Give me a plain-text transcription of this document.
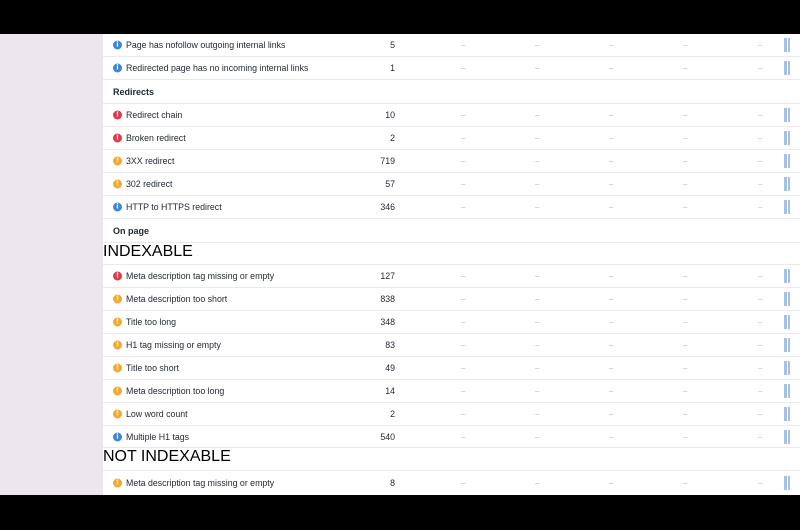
i Page has nofollow outgoing internal links	5	–	–	–	–	–
i Redirected page has no incoming internal links	1	–	–	–	–	–
Redirects
! Redirect chain	10	–	–	–	–	–
! Broken redirect	2	–	–	–	–	–
! 3XX redirect	719	–	–	–	–	–
! 302 redirect	57	–	–	–	–	–
i HTTP to HTTPS redirect	346	–	–	–	–	–
On page
INDEXABLE
! Meta description tag missing or empty	127	–	–	–	–	–
! Meta description too short	838	–	–	–	–	–
! Title too long	348	–	–	–	–	–
! H1 tag missing or empty	83	–	–	–	–	–
! Title too short	49	–	–	–	–	–
! Meta description too long	14	–	–	–	–	–
! Low word count	2	–	–	–	–	–
i Multiple H1 tags	540	–	–	–	–	–
NOT INDEXABLE
! Meta description tag missing or empty	8	–	–	–	–	–
